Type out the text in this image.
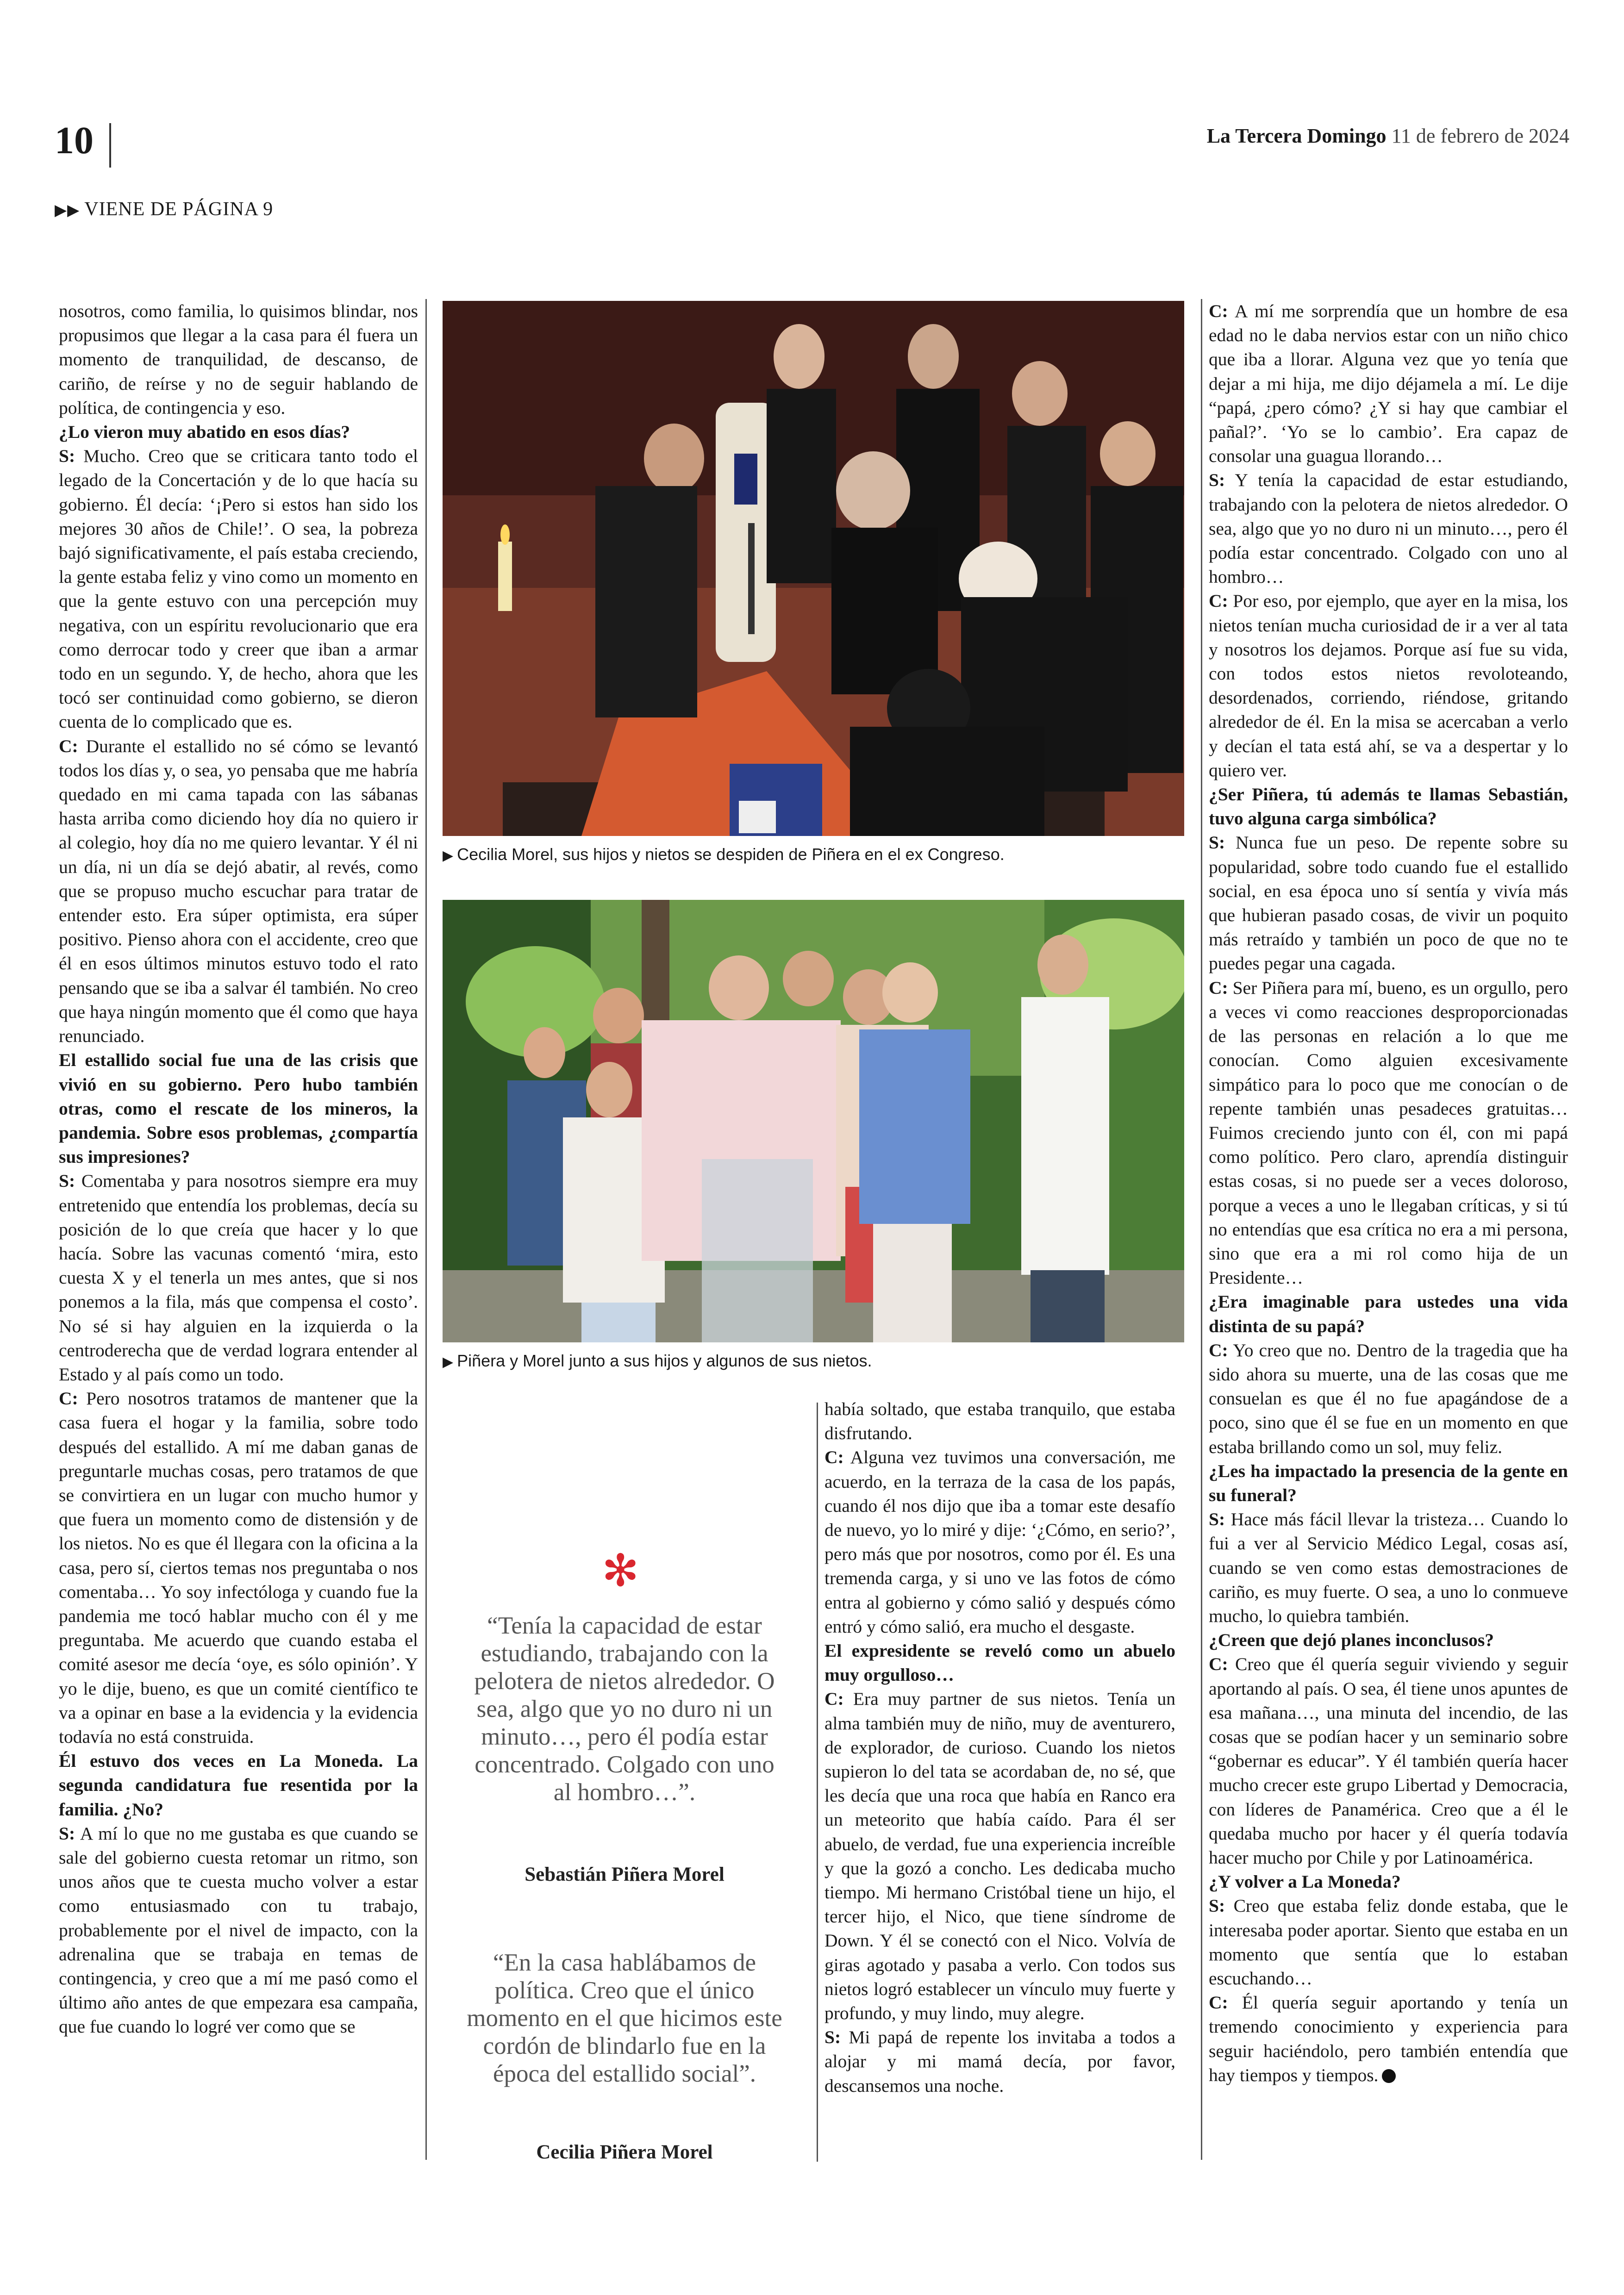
10	La Tercera Domingo 11 de febrero de 2024
▶▶ VIENE DE PÁGINA 9

nosotros, como familia, lo quisimos blindar, nos propusimos que llegar a la casa para él fuera un momento de tranquilidad, de descanso, de cariño, de reírse y no de seguir hablando de política, de contingencia y eso.

¿Lo vieron muy abatido en esos días?

S: Mucho. Creo que se criticara tanto todo el legado de la Concertación y de lo que hacía su gobierno. Él decía: ‘¡Pero si estos han sido los mejores 30 años de Chile!’. O sea, la pobreza bajó significativamente, el país estaba creciendo, la gente estaba feliz y vino como un momento en que la gente estuvo con una percepción muy negativa, con un espíritu revolucionario que era como derrocar todo y creer que iban a armar todo en un segundo. Y, de hecho, ahora que les tocó ser continuidad como gobierno, se dieron cuenta de lo complicado que es.

C: Durante el estallido no sé cómo se levantó todos los días y, o sea, yo pensaba que me habría quedado en mi cama tapada con las sábanas hasta arriba como diciendo hoy día no quiero ir al colegio, hoy día no me quiero levantar. Y él ni un día, ni un día se dejó abatir, al revés, como que se propuso mucho escuchar para tratar de entender esto. Era súper optimista, era súper positivo. Pienso ahora con el accidente, creo que él en esos últimos minutos estuvo todo el rato pensando que se iba a salvar él también. No creo que haya ningún momento que él como que haya renunciado.

El estallido social fue una de las crisis que vivió en su gobierno. Pero hubo también otras, como el rescate de los mineros, la pandemia. Sobre esos problemas, ¿compartía sus impresiones?

S: Comentaba y para nosotros siempre era muy entretenido que entendía los problemas, decía su posición de lo que creía que hacer y lo que hacía. Sobre las vacunas comentó ‘mira, esto cuesta X y el tenerla un mes antes, que si nos ponemos a la fila, más que compensa el costo’. No sé si hay alguien en la izquierda o la centroderecha que de verdad lograra entender al Estado y al país como un todo.

C: Pero nosotros tratamos de mantener que la casa fuera el hogar y la familia, sobre todo después del estallido. A mí me daban ganas de preguntarle muchas cosas, pero tratamos de que se convirtiera en un lugar con mucho humor y que fuera un momento como de distensión y de los nietos. No es que él llegara con la oficina a la casa, pero sí, ciertos temas nos preguntaba o nos comentaba… Yo soy infectóloga y cuando fue la pandemia me tocó hablar mucho con él y me preguntaba. Me acuerdo que cuando estaba el comité asesor me decía ‘oye, es sólo opinión’. Y yo le dije, bueno, es que un comité científico te va a opinar en base a la evidencia y la evidencia todavía no está construida.

Él estuvo dos veces en La Moneda. La segunda candidatura fue resentida por la familia. ¿No?

S: A mí lo que no me gustaba es que cuando se sale del gobierno cuesta retomar un ritmo, son unos años que te cuesta mucho volver a estar como entusiasmado con tu trabajo, probablemente por el nivel de impacto, con la adrenalina que se trabaja en temas de contingencia, y creo que a mí me pasó como el último año antes de que empezara esa campaña, que fue cuando lo logré ver como que se

había soltado, que estaba tranquilo, que estaba disfrutando.

C: Alguna vez tuvimos una conversación, me acuerdo, en la terraza de la casa de los papás, cuando él nos dijo que iba a tomar este desafío de nuevo, yo lo miré y dije: ‘¿Cómo, en serio?’, pero más que por nosotros, como por él. Es una tremenda carga, y si uno ve las fotos de cómo entra al gobierno y cómo salió y después cómo entró y cómo salió, era mucho el desgaste.

El expresidente se reveló como un abuelo muy orgulloso…

C: Era muy partner de sus nietos. Tenía un alma también muy de niño, muy de aventurero, de explorador, de curioso. Cuando los nietos supieron lo del tata se acordaban de, no sé, que les decía que una roca que había en Ranco era un meteorito que había caído. Para él ser abuelo, de verdad, fue una experiencia increíble y que la gozó a concho. Les dedicaba mucho tiempo. Mi hermano Cristóbal tiene un hijo, el tercer hijo, el Nico, que tiene síndrome de Down. Y él se conectó con el Nico. Volvía de giras agotado y pasaba a verlo. Con todos sus nietos logró establecer un vínculo muy fuerte y profundo, y muy lindo, muy alegre.

S: Mi papá de repente los invitaba a todos a alojar y mi mamá decía, por favor, descansemos una noche.

C: A mí me sorprendía que un hombre de esa edad no le daba nervios estar con un niño chico que iba a llorar. Alguna vez que yo tenía que dejar a mi hija, me dijo déjamela a mí. Le dije “papá, ¿pero cómo? ¿Y si hay que cambiar el pañal?’. ‘Yo se lo cambio’. Era capaz de consolar una guagua llorando…

S: Y tenía la capacidad de estar estudiando, trabajando con la pelotera de nietos alrededor. O sea, algo que yo no duro ni un minuto…, pero él podía estar concentrado. Colgado con uno al hombro…

C: Por eso, por ejemplo, que ayer en la misa, los nietos tenían mucha curiosidad de ir a ver al tata y nosotros los dejamos. Porque así fue su vida, con todos estos nietos revoloteando, desordenados, corriendo, riéndose, gritando alrededor de él. En la misa se acercaban a verlo y decían el tata está ahí, se va a despertar y lo quiero ver.

¿Ser Piñera, tú además te llamas Sebastián, tuvo alguna carga simbólica?

S: Nunca fue un peso. De repente sobre su popularidad, sobre todo cuando fue el estallido social, en esa época uno sí sentía y vivía más que hubieran pasado cosas, de vivir un poquito más retraído y también un poco de que no te puedes pegar una cagada.

C: Ser Piñera para mí, bueno, es un orgullo, pero a veces vi como reacciones desproporcionadas de las personas en relación a lo que me conocían. Como alguien excesivamente simpático para lo poco que me conocían o de repente también unas pesadeces gratuitas… Fuimos creciendo junto con él, con mi papá como político. Pero claro, aprendía distinguir estas cosas, si no puede ser a veces doloroso, porque a veces a uno le llegaban críticas, y si tú no entendías que esa crítica no era a mi persona, sino que era a mi rol como hija de un Presidente…

¿Era imaginable para ustedes una vida distinta de su papá?

C: Yo creo que no. Dentro de la tragedia que ha sido ahora su muerte, una de las cosas que me consuelan es que él no fue apagándose de a poco, sino que él se fue en un momento en que estaba brillando como un sol, muy feliz.

¿Les ha impactado la presencia de la gente en su funeral?

S: Hace más fácil llevar la tristeza… Cuando lo fui a ver al Servicio Médico Legal, cosas así, cuando se ven como estas demostraciones de cariño, es muy fuerte. O sea, a uno lo conmueve mucho, lo quiebra también.

¿Creen que dejó planes inconclusos?

C: Creo que él quería seguir viviendo y seguir aportando al país. O sea, él tiene unos apuntes de esa mañana…, una minuta del incendio, de las cosas que se podían hacer y un seminario sobre “gobernar es educar”. Y él también quería hacer mucho crecer este grupo Libertad y Democracia, con líderes de Panamérica. Creo que a él le quedaba mucho por hacer y él quería todavía hacer mucho por Chile y por Latinoamérica.

¿Y volver a La Moneda?

S: Creo que estaba feliz donde estaba, que le interesaba poder aportar. Siento que estaba en un momento que sentía que lo estaban escuchando…

C: Él quería seguir aportando y tenía un tremendo conocimiento y experiencia para seguir haciéndolo, pero también entendía que hay tiempos y tiempos.

▶ Cecilia Morel, sus hijos y nietos se despiden de Piñera en el ex Congreso.
▶ Piñera y Morel junto a sus hijos y algunos de sus nietos.
✻
“Tenía la capacidad de estar estudiando, trabajando con la pelotera de nietos alrededor. O sea, algo que yo no duro ni un minuto…, pero él podía estar concentrado. Colgado con uno al hombro…”.
Sebastián Piñera Morel
“En la casa hablábamos de política. Creo que el único momento en el que hicimos este cordón de blindarlo fue en la época del estallido social”.
Cecilia Piñera Morel
